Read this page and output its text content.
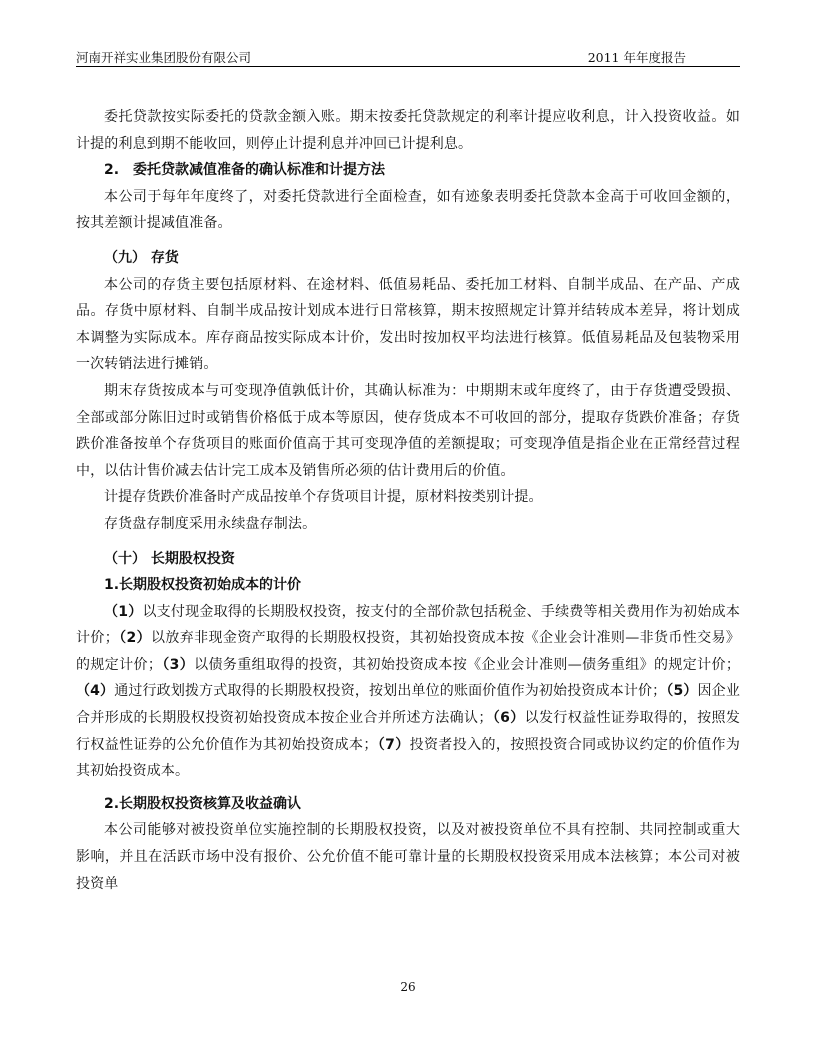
河南开祥实业集团股份有限公司	2011 年年度报告

委托贷款按实际委托的贷款金额入账。期末按委托贷款规定的利率计提应收利息，计入投资收益。如计提的利息到期不能收回，则停止计提利息并冲回已计提利息。

2.　委托贷款减值准备的确认标准和计提方法

本公司于每年年度终了，对委托贷款进行全面检查，如有迹象表明委托贷款本金高于可收回金额的，按其差额计提减值准备。

（九） 存货

本公司的存货主要包括原材料、在途材料、低值易耗品、委托加工材料、自制半成品、在产品、产成品。存货中原材料、自制半成品按计划成本进行日常核算，期末按照规定计算并结转成本差异，将计划成本调整为实际成本。库存商品按实际成本计价，发出时按加权平均法进行核算。低值易耗品及包装物采用一次转销法进行摊销。

期末存货按成本与可变现净值孰低计价，其确认标准为：中期期末或年度终了，由于存货遭受毁损、全部或部分陈旧过时或销售价格低于成本等原因，使存货成本不可收回的部分，提取存货跌价准备；存货跌价准备按单个存货项目的账面价值高于其可变现净值的差额提取；可变现净值是指企业在正常经营过程中，以估计售价减去估计完工成本及销售所必须的估计费用后的价值。

计提存货跌价准备时产成品按单个存货项目计提，原材料按类别计提。

存货盘存制度采用永续盘存制法。

（十） 长期股权投资

1.长期股权投资初始成本的计价

（1）以支付现金取得的长期股权投资，按支付的全部价款包括税金、手续费等相关费用作为初始成本计价；（2）以放弃非现金资产取得的长期股权投资，其初始投资成本按《企业会计准则—非货币性交易》的规定计价；（3）以债务重组取得的投资，其初始投资成本按《企业会计准则—债务重组》的规定计价；（4）通过行政划拨方式取得的长期股权投资，按划出单位的账面价值作为初始投资成本计价；（5）因企业合并形成的长期股权投资初始投资成本按企业合并所述方法确认；（6）以发行权益性证券取得的，按照发行权益性证券的公允价值作为其初始投资成本；（7）投资者投入的，按照投资合同或协议约定的价值作为其初始投资成本。

2.长期股权投资核算及收益确认

本公司能够对被投资单位实施控制的长期股权投资，以及对被投资单位不具有控制、共同控制或重大影响，并且在活跃市场中没有报价、公允价值不能可靠计量的长期股权投资采用成本法核算；本公司对被投资单

26
